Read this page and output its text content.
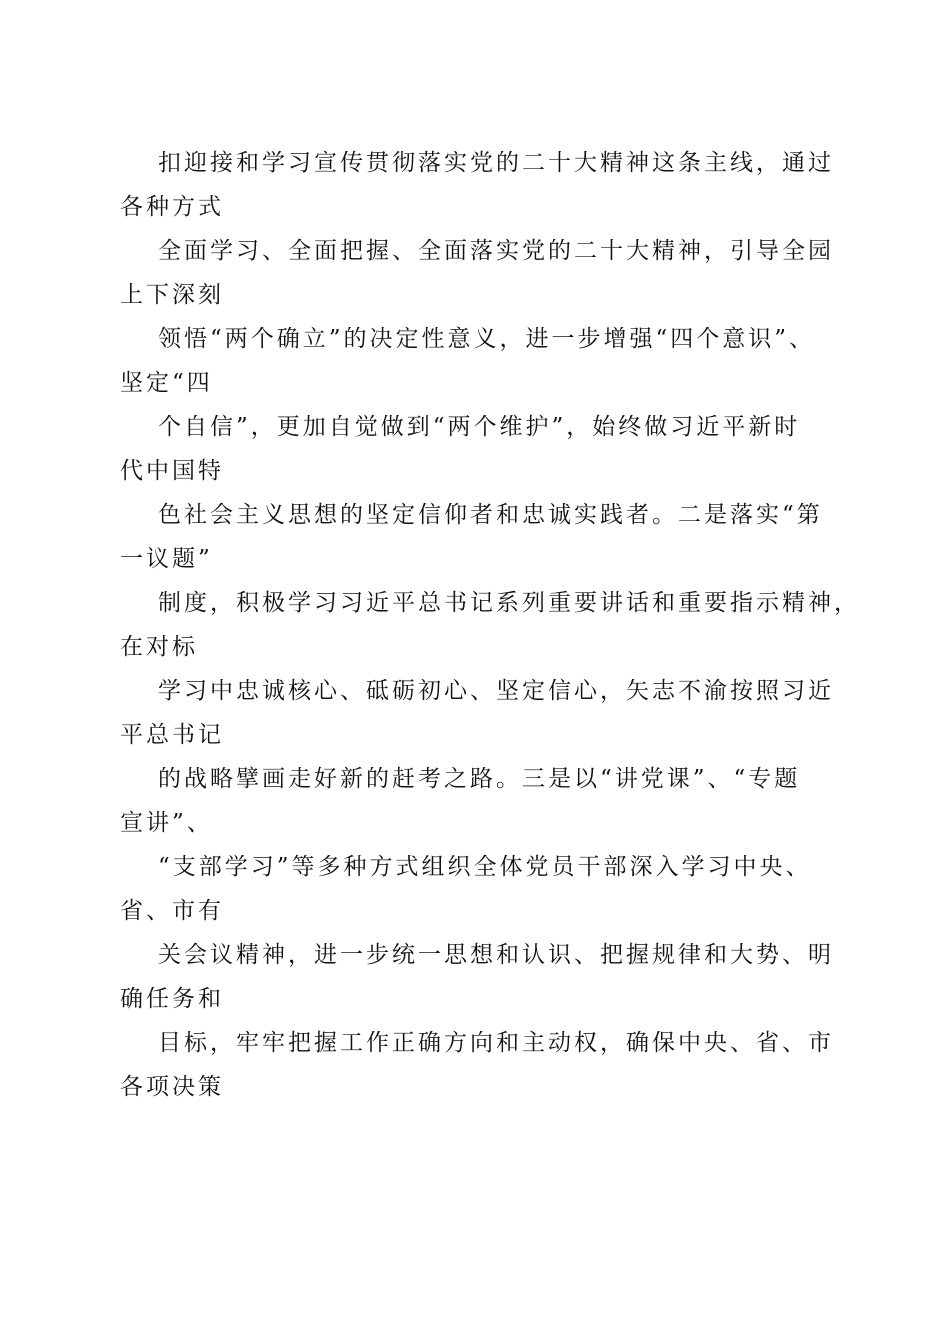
扣迎接和学习宣传贯彻落实党的二十大精神这条主线，通过
各种方式
全面学习、全面把握、全面落实党的二十大精神，引导全园
上下深刻
领悟“两个确立”的决定性意义，进一步增强“四个意识”、
坚定“四
个自信”，更加自觉做到“两个维护”，始终做习近平新时
代中国特
色社会主义思想的坚定信仰者和忠诚实践者。二是落实“第
一议题”
制度，积极学习习近平总书记系列重要讲话和重要指示精神，
在对标
学习中忠诚核心、砥砺初心、坚定信心，矢志不渝按照习近
平总书记
的战略擘画走好新的赶考之路。三是以“讲党课”、“专题
宣讲”、
“支部学习”等多种方式组织全体党员干部深入学习中央、
省、市有
关会议精神，进一步统一思想和认识、把握规律和大势、明
确任务和
目标，牢牢把握工作正确方向和主动权，确保中央、省、市
各项决策
